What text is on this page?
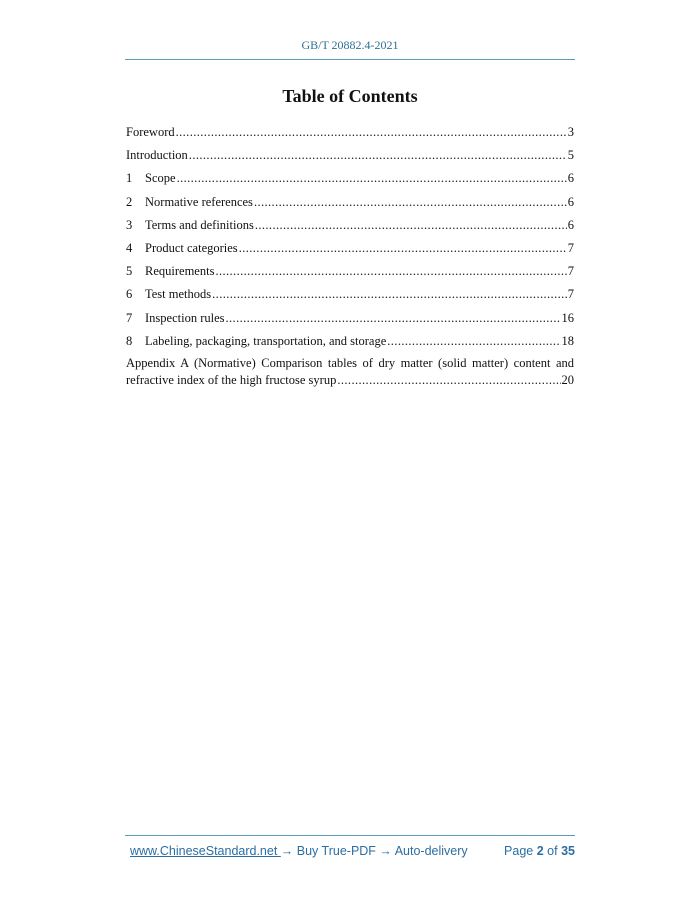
GB/T 20882.4-2021
Table of Contents
Foreword .....	3
Introduction .....	5
1	Scope .....	6
2	Normative references .....	6
3	Terms and definitions .....	6
4	Product categories .....	7
5	Requirements .....	7
6	Test methods .....	7
7	Inspection rules .....	16
8	Labeling, packaging, transportation, and storage .....	18
Appendix A (Normative) Comparison tables of dry matter (solid matter) content and
refractive index of the high fructose syrup .....	20
www.ChineseStandard.net → Buy True-PDF → Auto-delivery	Page 2 of 35
